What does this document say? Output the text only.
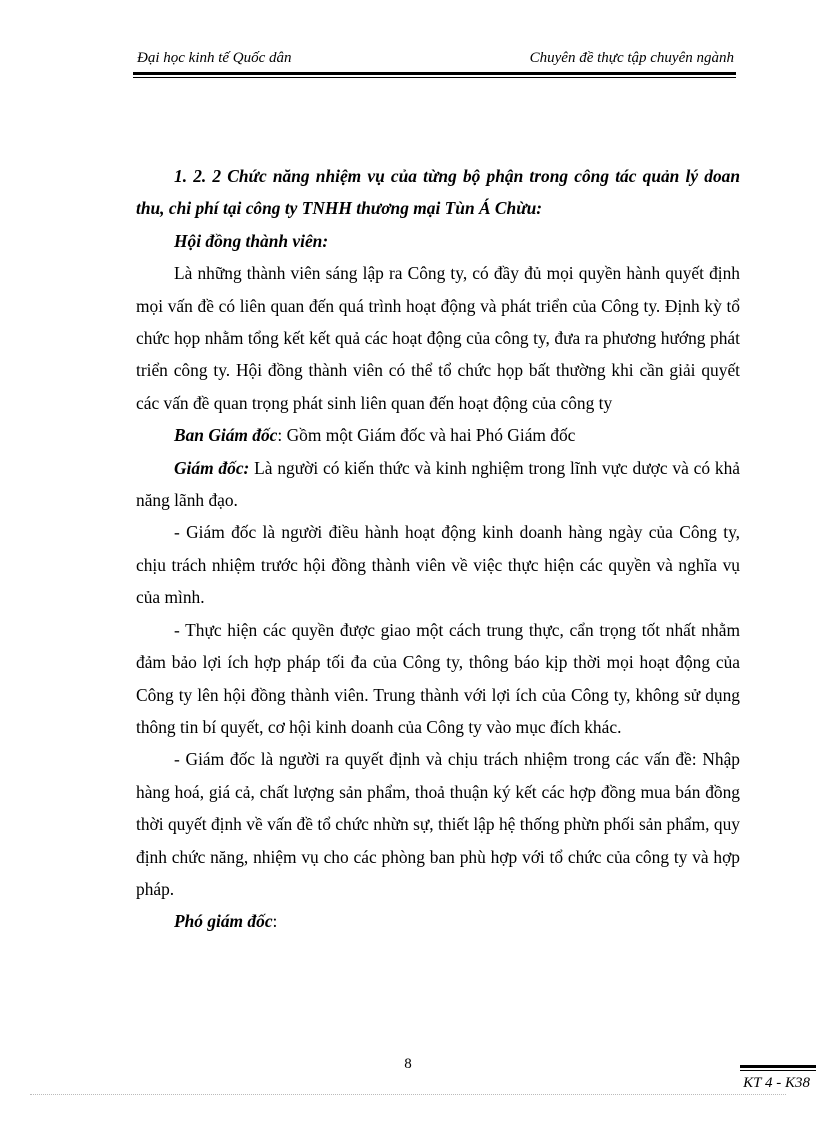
Đại học kinh tế Quốc dân	Chuyên đề thực tập chuyên ngành

1. 2. 2 Chức năng nhiệm vụ của từng bộ phận trong công tác quản lý doan thu, chi phí tại công ty TNHH thương mại Tùn Á Chừu:

Hội đồng thành viên:

Là những thành viên sáng lập ra Công ty, có đầy đủ mọi quyền hành quyết định mọi vấn đề có liên quan đến quá trình hoạt động và phát triển của Công ty. Định kỳ tổ chức họp nhằm tổng kết kết quả các hoạt động của công ty, đưa ra phương hướng phát triển công ty. Hội đồng thành viên có thể tổ chức họp bất thường khi cần giải quyết các vấn đề quan trọng phát sinh liên quan đến hoạt động của công ty

Ban Giám đốc: Gồm một Giám đốc và hai Phó Giám đốc

Giám đốc: Là người có kiến thức và kinh nghiệm trong lĩnh vực dược và có khả năng lãnh đạo.

- Giám đốc là người điều hành hoạt động kinh doanh hàng ngày của Công ty, chịu trách nhiệm trước hội đồng thành viên về việc thực hiện các quyền và nghĩa vụ của mình.

- Thực hiện các quyền được giao một cách trung thực, cẩn trọng tốt nhất nhằm đảm bảo lợi ích hợp pháp tối đa của Công ty, thông báo kịp thời mọi hoạt động của Công ty lên hội đồng thành viên. Trung thành với lợi ích của Công ty, không sử dụng thông tin bí quyết, cơ hội kinh doanh của Công ty vào mục đích khác.

- Giám đốc là người ra quyết định và chịu trách nhiệm trong các vấn đề: Nhập hàng hoá, giá cả, chất lượng sản phẩm, thoả thuận ký kết các hợp đồng mua bán đồng thời quyết định về vấn đề tổ chức nhừn sự, thiết lập hệ thống phừn phối sản phẩm, quy định chức năng, nhiệm vụ cho các phòng ban phù hợp với tổ chức của công ty và hợp pháp.

Phó giám đốc:

8
KT 4 - K38
